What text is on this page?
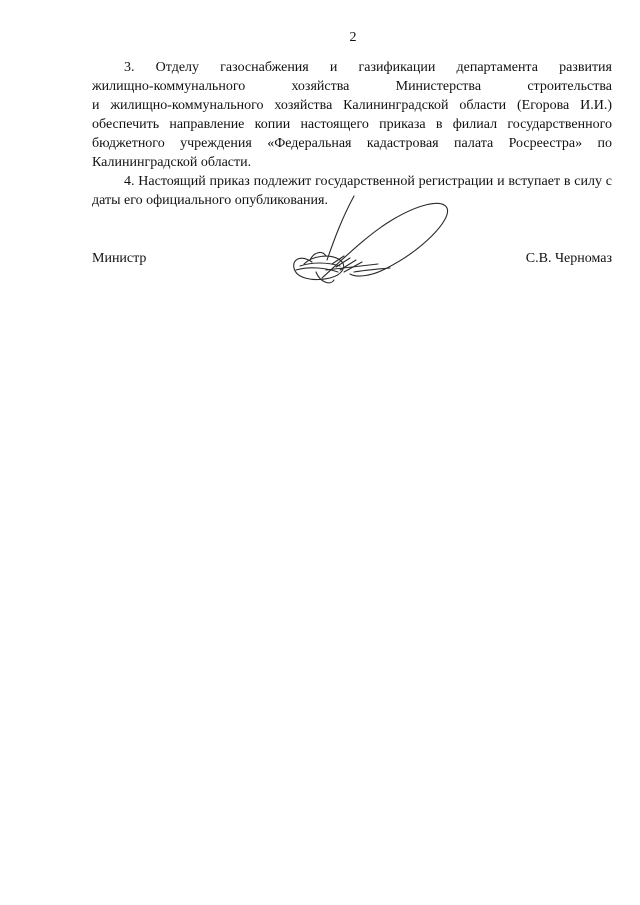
2

3. Отделу газоснабжения и газификации департамента развития
жилищно-коммунального хозяйства Министерства строительства
и жилищно-коммунального хозяйства Калининградской области (Егорова И.И.) обеспечить направление копии настоящего приказа в филиал государственного бюджетного учреждения «Федеральная кадастровая палата Росреестра» по Калининградской области.

4. Настоящий приказ подлежит государственной регистрации и вступает в силу с даты его официального опубликования.

Министр	С.В. Черномаз
